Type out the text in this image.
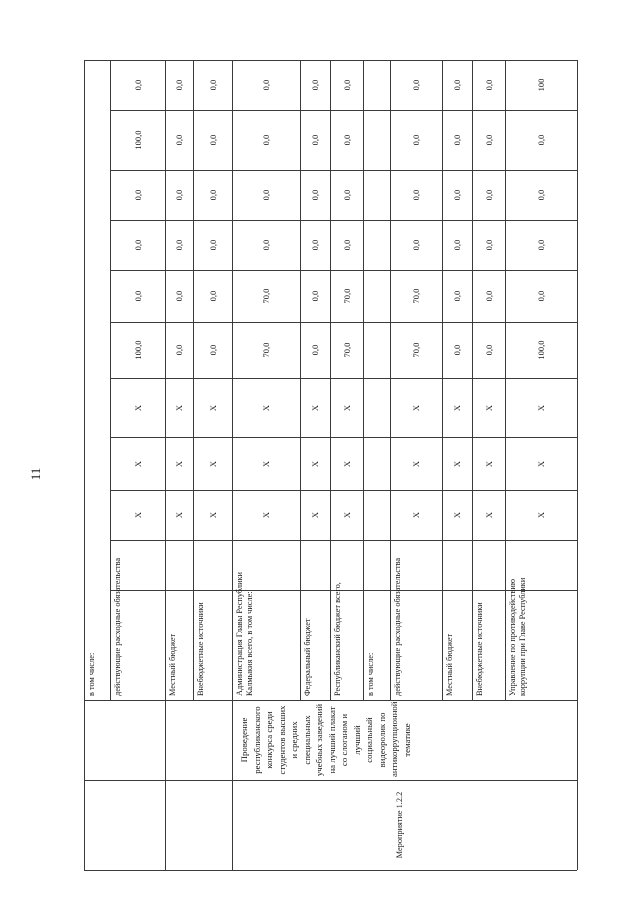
11
в том числе: действующие расходные обязательства
X
X
X
100,0
0,0
0,0
0,0
100,0
0,0
Местный бюджет
X
X
X
0,0
0,0
0,0
0,0
0,0
0,0
Внебюджетные источники
X
X
X
0,0
0,0
0,0
0,0
0,0
0,0
Администрация Главы Республики Калмыкия всего, в том числе:
X
X
X
70,0
70,0
0,0
0,0
0,0
0,0
Федеральный бюджет
X
X
X
0,0
0,0
0,0
0,0
0,0
0,0
Республиканский бюджет всего,
X
X
X
70,0
70,0
0,0
0,0
0,0
0,0
в том числе: действующие расходные обязательства
X
X
X
70,0
70,0
0,0
0,0
0,0
0,0
Местный бюджет
X
X
X
0,0
0,0
0,0
0,0
0,0
0,0
Внебюджетные источники
X
X
X
0,0
0,0
0,0
0,0
0,0
0,0
Управление по противодействию коррупции при Главе Республики
X
X
X
100,0
0,0
0,0
0,0
0,0
100
Мероприятие 1.2.2
Проведение республиканского конкурса среди студентов высших и средних специальных учебных заведений на лучший плакат со слоганом и лучший социальный видеоролик по антикоррупционной тематике
